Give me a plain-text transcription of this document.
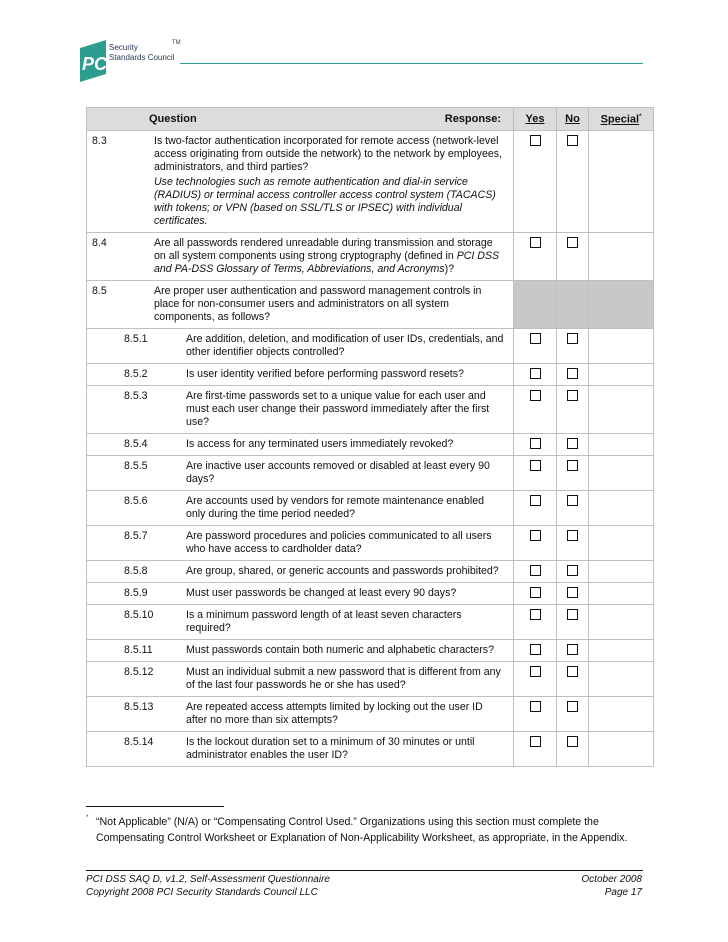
PCI
Security
Standards Council
TM
Question Response:	Yes	No	Special*

8.3 Is two-factor authentication incorporated for remote access (network-level access originating from outside the network) to the network by employees, administrators, and third parties?
Use technologies such as remote authentication and dial-in service (RADIUS) or terminal access controller access control system (TACACS) with tokens; or VPN (based on SSL/TLS or IPSEC) with individual certificates.			

8.4 Are all passwords rendered unreadable during transmission and storage on all system components using strong cryptography (defined in PCI DSS and PA-DSS Glossary of Terms, Abbreviations, and Acronyms)?			

8.5 Are proper user authentication and password management controls in place for non-consumer users and administrators on all system components, as follows?			

8.5.1 Are addition, deletion, and modification of user IDs, credentials, and other identifier objects controlled?			
8.5.2 Is user identity verified before performing password resets?			
8.5.3 Are first-time passwords set to a unique value for each user and must each user change their password immediately after the first use?			
8.5.4 Is access for any terminated users immediately revoked?			
8.5.5 Are inactive user accounts removed or disabled at least every 90 days?			
8.5.6 Are accounts used by vendors for remote maintenance enabled only during the time period needed?			
8.5.7 Are password procedures and policies communicated to all users who have access to cardholder data?			
8.5.8 Are group, shared, or generic accounts and passwords prohibited?			
8.5.9 Must user passwords be changed at least every 90 days?			
8.5.10 Is a minimum password length of at least seven characters required?			
8.5.11 Must passwords contain both numeric and alphabetic characters?			
8.5.12 Must an individual submit a new password that is different from any of the last four passwords he or she has used?			
8.5.13 Are repeated access attempts limited by locking out the user ID after no more than six attempts?			
8.5.14 Is the lockout duration set to a minimum of 30 minutes or until administrator enables the user ID?			
* “Not Applicable” (N/A) or “Compensating Control Used.” Organizations using this section must complete the Compensating Control Worksheet or Explanation of Non-Applicability Worksheet, as appropriate, in the Appendix.
PCI DSS SAQ D, v1.2, Self-Assessment Questionnaire
Copyright 2008 PCI Security Standards Council LLC
October 2008
Page 17
